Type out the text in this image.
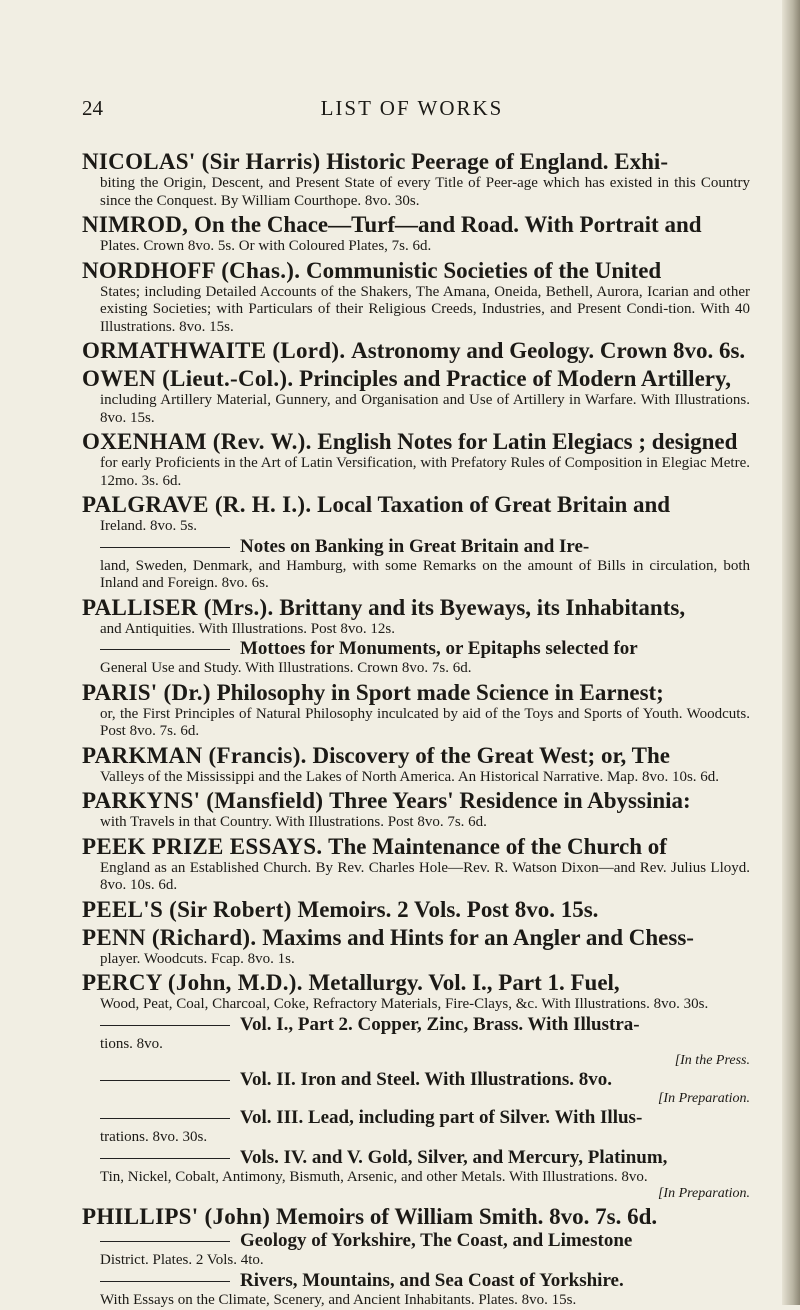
24	LIST OF WORKS
NICOLAS' (Sir Harris) Historic Peerage of England. Exhi-
biting the Origin, Descent, and Present State of every Title of Peer-age which has existed in this Country since the Conquest. By William Courthope. 8vo. 30s.
NIMROD, On the Chace—Turf—and Road. With Portrait and
Plates. Crown 8vo. 5s. Or with Coloured Plates, 7s. 6d.
NORDHOFF (Chas.). Communistic Societies of the United
States; including Detailed Accounts of the Shakers, The Amana, Oneida, Bethell, Aurora, Icarian and other existing Societies; with Particulars of their Religious Creeds, Industries, and Present Condi-tion. With 40 Illustrations. 8vo. 15s.
ORMATHWAITE (Lord). Astronomy and Geology. Crown 8vo. 6s.
OWEN (Lieut.-Col.). Principles and Practice of Modern Artillery,
including Artillery Material, Gunnery, and Organisation and Use of Artillery in Warfare. With Illustrations. 8vo. 15s.
OXENHAM (Rev. W.). English Notes for Latin Elegiacs ; designed
for early Proficients in the Art of Latin Versification, with Prefatory Rules of Composition in Elegiac Metre. 12mo. 3s. 6d.
PALGRAVE (R. H. I.). Local Taxation of Great Britain and
Ireland. 8vo. 5s.
Notes on Banking in Great Britain and Ire-
land, Sweden, Denmark, and Hamburg, with some Remarks on the amount of Bills in circulation, both Inland and Foreign. 8vo. 6s.
PALLISER (Mrs.). Brittany and its Byeways, its Inhabitants,
and Antiquities. With Illustrations. Post 8vo. 12s.
Mottoes for Monuments, or Epitaphs selected for
General Use and Study. With Illustrations. Crown 8vo. 7s. 6d.
PARIS' (Dr.) Philosophy in Sport made Science in Earnest;
or, the First Principles of Natural Philosophy inculcated by aid of the Toys and Sports of Youth. Woodcuts. Post 8vo. 7s. 6d.
PARKMAN (Francis). Discovery of the Great West; or, The
Valleys of the Mississippi and the Lakes of North America. An Historical Narrative. Map. 8vo. 10s. 6d.
PARKYNS' (Mansfield) Three Years' Residence in Abyssinia:
with Travels in that Country. With Illustrations. Post 8vo. 7s. 6d.
PEEK PRIZE ESSAYS. The Maintenance of the Church of
England as an Established Church. By Rev. Charles Hole—Rev. R. Watson Dixon—and Rev. Julius Lloyd. 8vo. 10s. 6d.
PEEL'S (Sir Robert) Memoirs. 2 Vols. Post 8vo. 15s.
PENN (Richard). Maxims and Hints for an Angler and Chess-
player. Woodcuts. Fcap. 8vo. 1s.
PERCY (John, M.D.). Metallurgy. Vol. I., Part 1. Fuel,
Wood, Peat, Coal, Charcoal, Coke, Refractory Materials, Fire-Clays, &c. With Illustrations. 8vo. 30s.
Vol. I., Part 2. Copper, Zinc, Brass. With Illustra-
tions. 8vo.
[In the Press.
Vol. II. Iron and Steel. With Illustrations. 8vo.
[In Preparation.
Vol. III. Lead, including part of Silver. With Illus-
trations. 8vo. 30s.
Vols. IV. and V. Gold, Silver, and Mercury, Platinum,
Tin, Nickel, Cobalt, Antimony, Bismuth, Arsenic, and other Metals. With Illustrations. 8vo.
[In Preparation.
PHILLIPS' (John) Memoirs of William Smith. 8vo. 7s. 6d.
Geology of Yorkshire, The Coast, and Limestone
District. Plates. 2 Vols. 4to.
Rivers, Mountains, and Sea Coast of Yorkshire.
With Essays on the Climate, Scenery, and Ancient Inhabitants. Plates. 8vo. 15s.
